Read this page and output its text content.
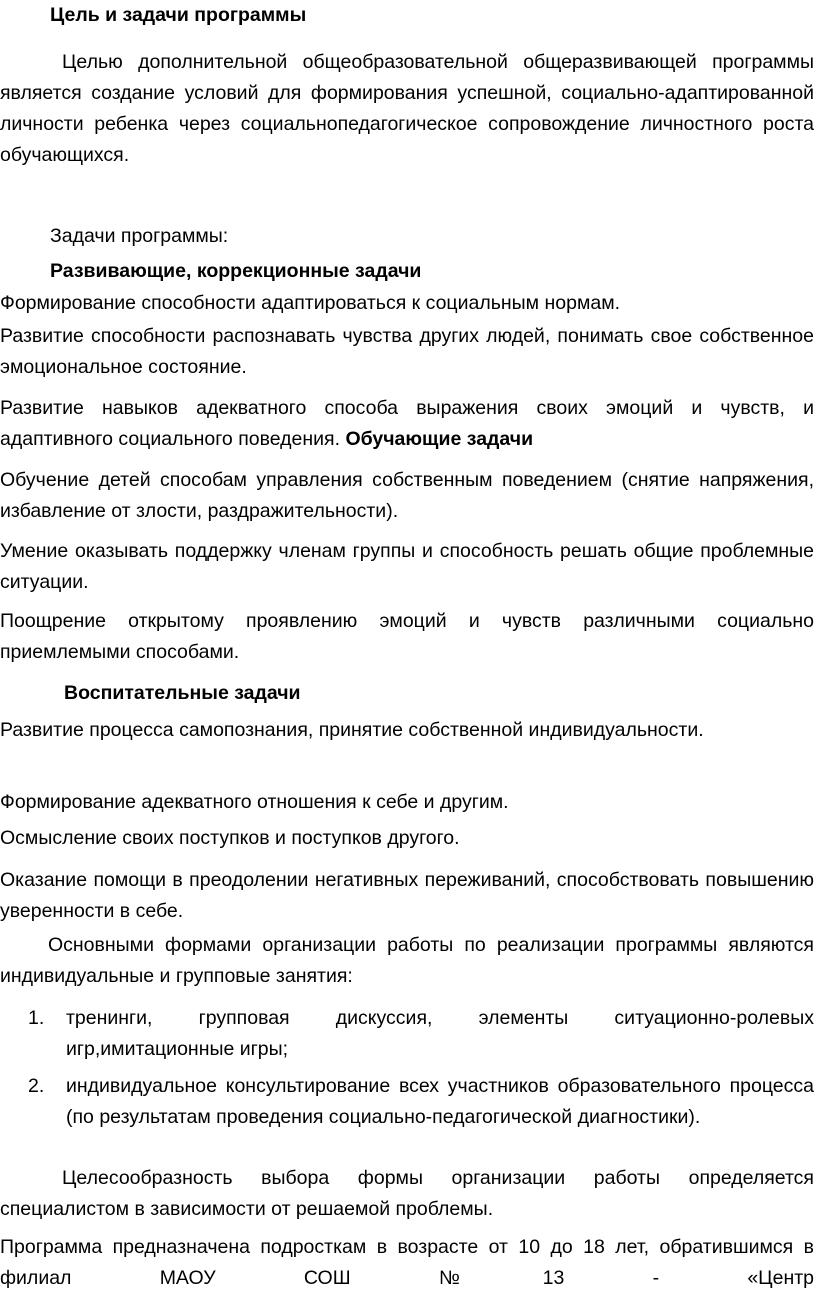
Цель и задачи программы

Целью дополнительной общеобразовательной общеразвивающей программы является создание условий для формирования успешной, социально-адаптированной личности ребенка через социальнопедагогическое сопровождение личностного роста обучающихся.

Задачи программы:

Развивающие, коррекционные задачи

Формирование способности адаптироваться к социальным нормам.

Развитие способности распознавать чувства других людей, понимать свое собственное эмоциональное состояние.

Развитие навыков адекватного способа выражения своих эмоций и чувств, и адаптивного социального поведения. Обучающие задачи

Обучение детей способам управления собственным поведением (снятие напряжения, избавление от злости, раздражительности).

Умение оказывать поддержку членам группы и способность решать общие проблемные ситуации.

Поощрение открытому проявлению эмоций и чувств различными социально приемлемыми способами.

Воспитательные задачи

Развитие процесса самопознания, принятие собственной индивидуальности.

Формирование адекватного отношения к себе и другим.

Осмысление своих поступков и поступков другого.

Оказание помощи в преодолении негативных переживаний, способствовать повышению уверенности в себе.

Основными формами организации работы по реализации программы являются индивидуальные и групповые занятия:

1. тренинги, групповая дискуссия, элементы ситуационно-ролевых игр,имитационные игры;
2. индивидуальное консультирование всех участников образовательного процесса (по результатам проведения социально-педагогической диагностики).

Целесообразность выбора формы организации работы определяется специалистом в зависимости от решаемой проблемы.

Программа предназначена подросткам в возрасте от 10 до 18 лет, обратившимся в филиал МАОУ СОШ №13 - «Центр
